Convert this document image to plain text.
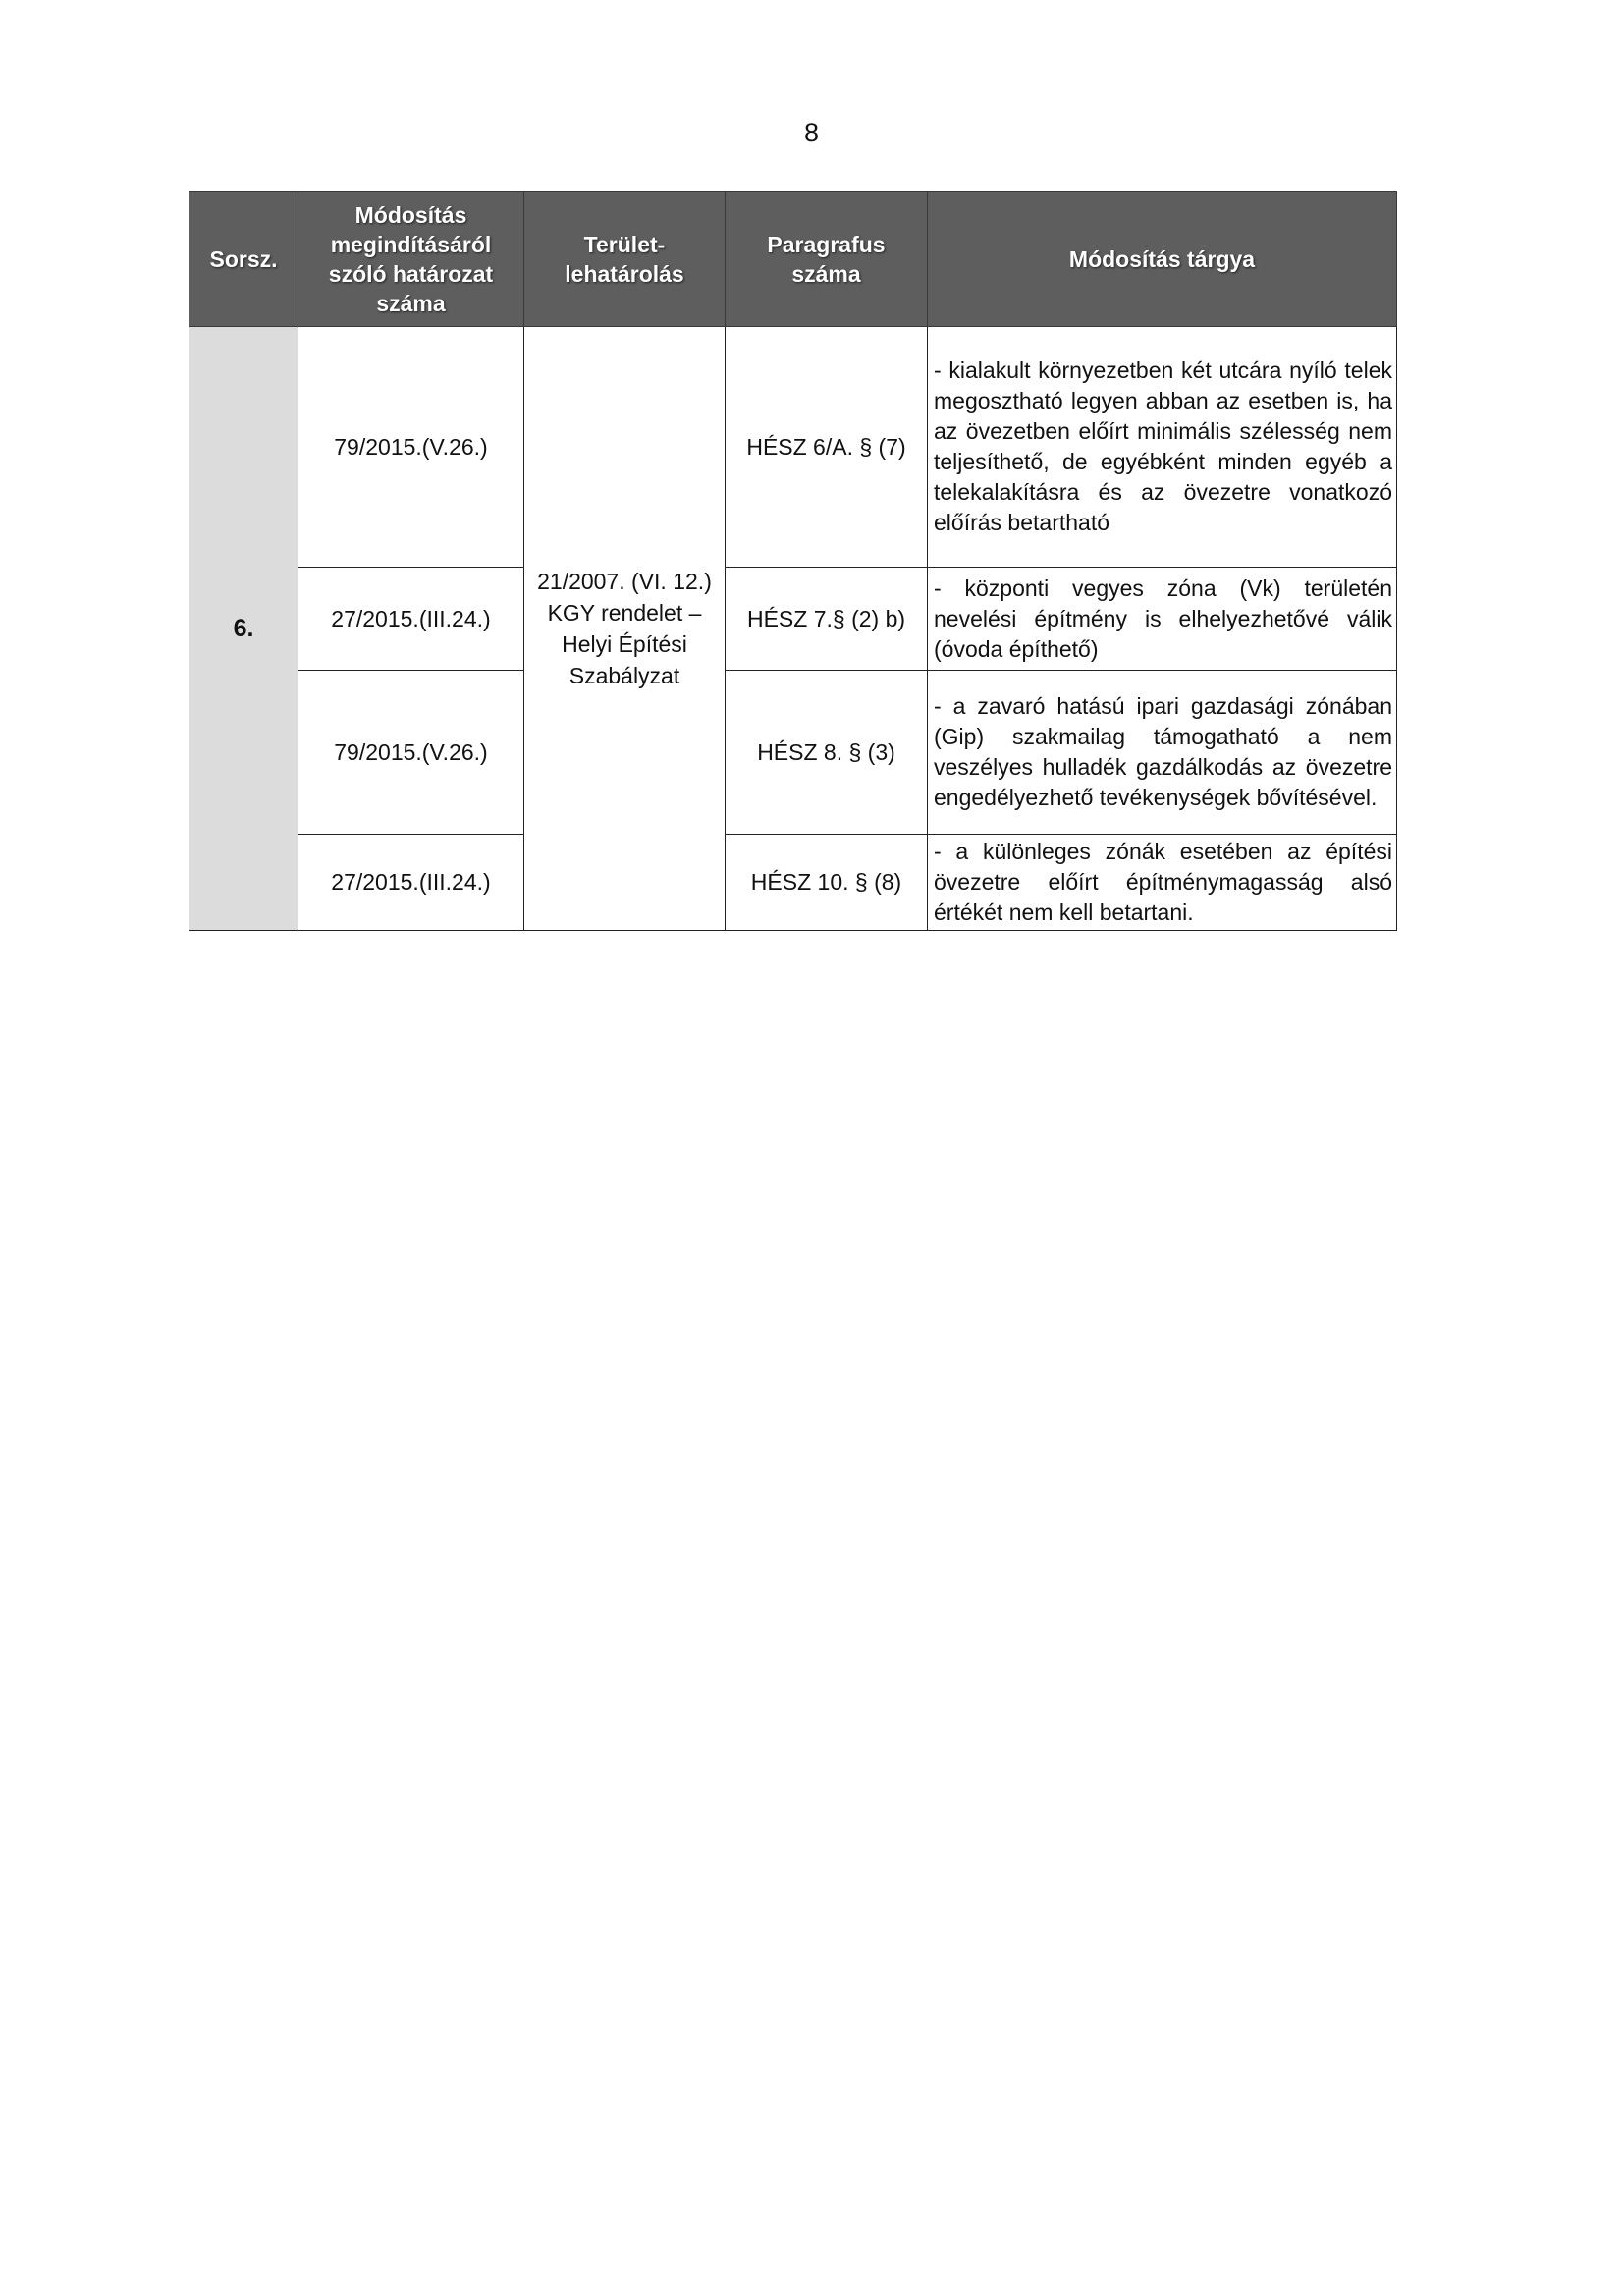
8
Sorsz.	Módosítás megindításáról szóló határozat száma	Terület-lehatárolás	Paragrafus száma	Módosítás tárgya
6.	79/2015.(V.26.)	21/2007. (VI. 12.) KGY rendelet – Helyi Építési Szabályzat	HÉSZ 6/A. § (7)	- kialakult környezetben két utcára nyíló telek megosztható legyen abban az esetben is, ha az övezetben előírt minimális szélesség nem teljesíthető, de egyébként minden egyéb a telekalakításra és az övezetre vonatkozó előírás betartható
	27/2015.(III.24.)		HÉSZ 7.§ (2) b)	- központi vegyes zóna (Vk) területén nevelési építmény is elhelyezhetővé válik (óvoda építhető)
	79/2015.(V.26.)		HÉSZ 8. § (3)	- a zavaró hatású ipari gazdasági zónában (Gip) szakmailag támogatható a nem veszélyes hulladék gazdálkodás az övezetre engedélyezhető tevékenységek bővítésével.
	27/2015.(III.24.)		HÉSZ 10. § (8)	- a különleges zónák esetében az építési övezetre előírt építménymagasság alsó értékét nem kell betartani.
